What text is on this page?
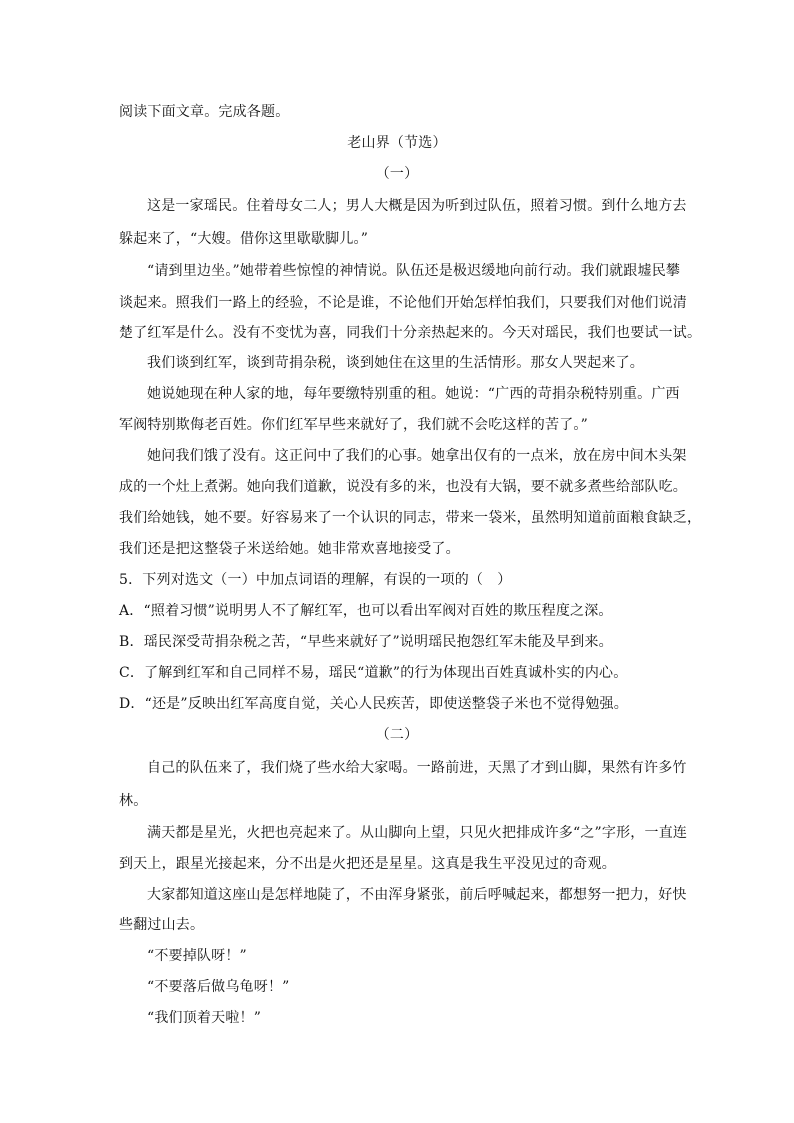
阅读下面文章。完成各题。
老山界（节选）
（一）
这是一家瑶民。住着母女二人；男人大概是因为听到过队伍，照着习惯。到什么地方去
躲起来了，“大嫂。借你这里歇歇脚儿。”
“请到里边坐。”她带着些惊惶的神情说。队伍还是极迟缓地向前行动。我们就跟墟民攀
谈起来。照我们一路上的经验，不论是谁，不论他们开始怎样怕我们，只要我们对他们说清
楚了红军是什么。没有不变忧为喜，同我们十分亲热起来的。今天对瑶民，我们也要试一试。
我们谈到红军，谈到苛捐杂税，谈到她住在这里的生活情形。那女人哭起来了。
她说她现在种人家的地，每年要缴特别重的租。她说：“广西的苛捐杂税特别重。广西
军阀特别欺侮老百姓。你们红军早些来就好了，我们就不会吃这样的苦了。”
她问我们饿了没有。这正问中了我们的心事。她拿出仅有的一点米，放在房中间木头架
成的一个灶上煮粥。她向我们道歉，说没有多的米，也没有大锅，要不就多煮些给部队吃。
我们给她钱，她不要。好容易来了一个认识的同志，带来一袋米，虽然明知道前面粮食缺乏，
我们还是把这整袋子米送给她。她非常欢喜地接受了。
5．下列对选文（一）中加点词语的理解，有误的一项的（　）
A．“照着习惯”说明男人不了解红军，也可以看出军阀对百姓的欺压程度之深。
B．瑶民深受苛捐杂税之苦，“早些来就好了”说明瑶民抱怨红军未能及早到来。
C．了解到红军和自己同样不易，瑶民“道歉”的行为体现出百姓真诚朴实的内心。
D．“还是”反映出红军高度自觉，关心人民疾苦，即使送整袋子米也不觉得勉强。
（二）
自己的队伍来了，我们烧了些水给大家喝。一路前进，天黑了才到山脚，果然有许多竹
林。
满天都是星光，火把也亮起来了。从山脚向上望，只见火把排成许多“之”字形，一直连
到天上，跟星光接起来，分不出是火把还是星星。这真是我生平没见过的奇观。
大家都知道这座山是怎样地陡了，不由浑身紧张，前后呼喊起来，都想努一把力，好快
些翻过山去。
“不要掉队呀！”
“不要落后做乌龟呀！”
“我们顶着天啦！”
